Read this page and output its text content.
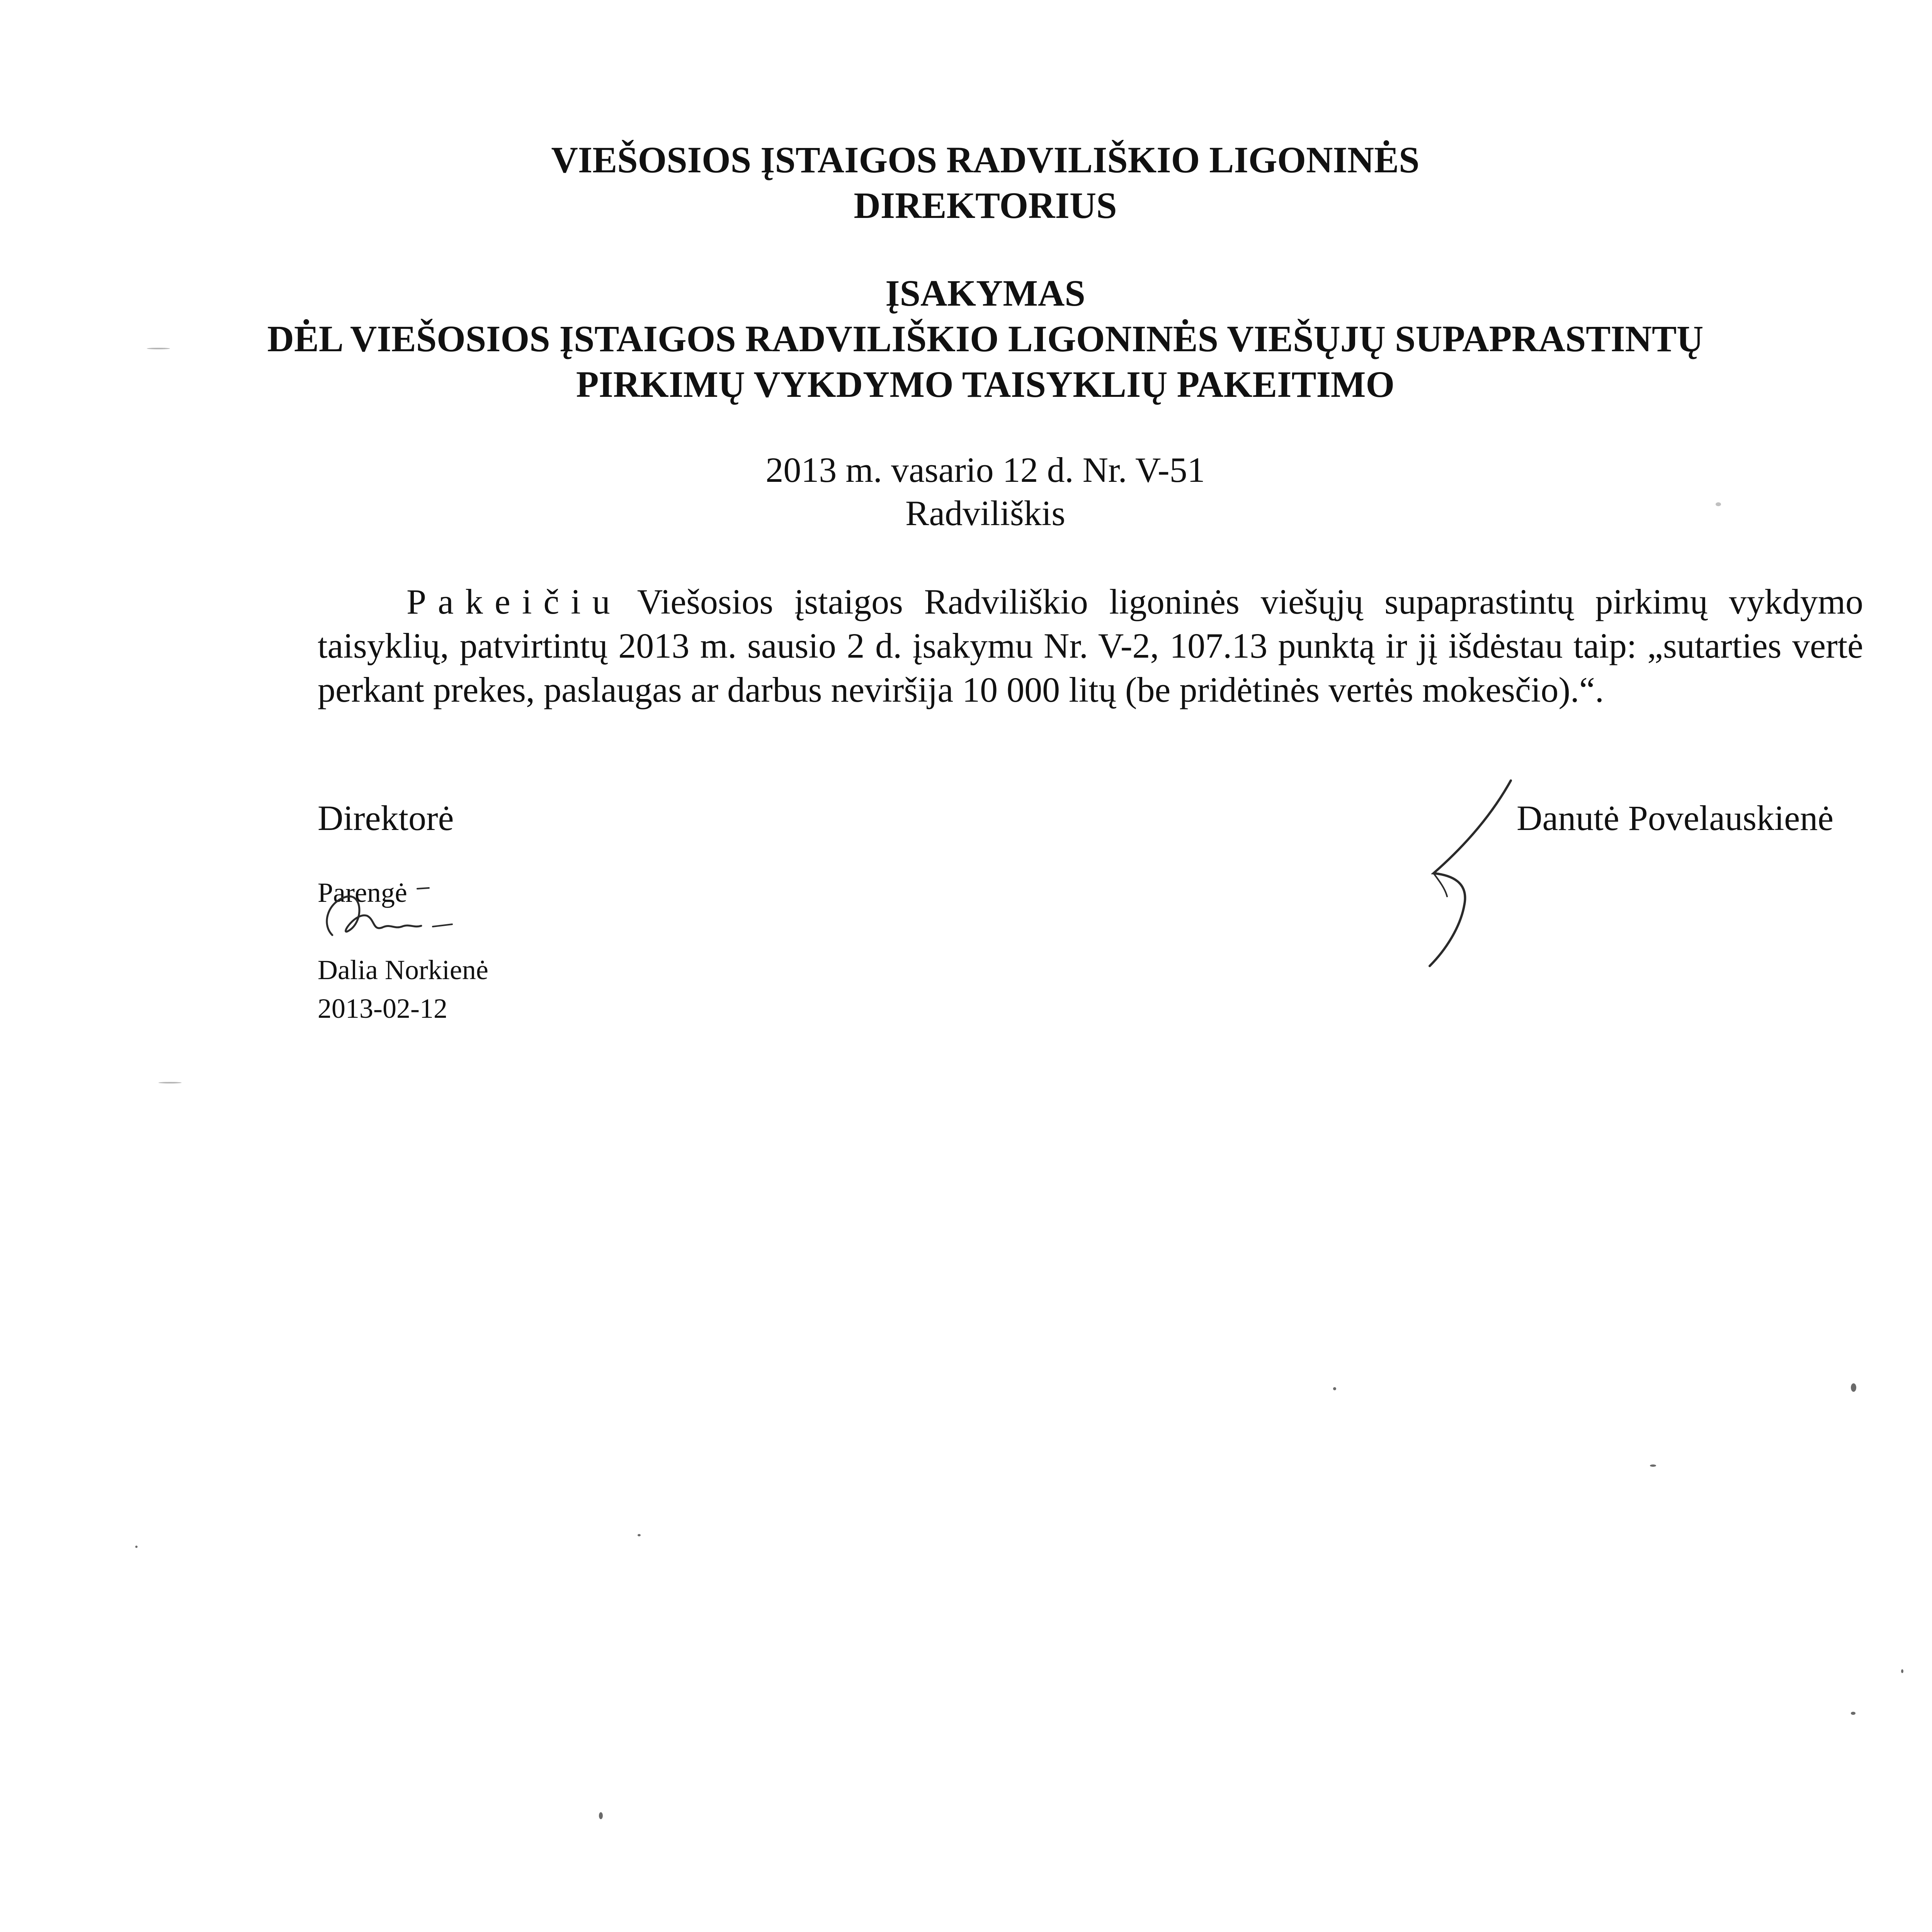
VIEŠOSIOS ĮSTAIGOS RADVILIŠKIO LIGONINĖS
DIREKTORIUS
ĮSAKYMAS
DĖL VIEŠOSIOS ĮSTAIGOS RADVILIŠKIO LIGONINĖS VIEŠŲJŲ SUPAPRASTINTŲ
PIRKIMŲ VYKDYMO TAISYKLIŲ PAKEITIMO
2013 m. vasario 12 d. Nr. V-51
Radviliškis

Pakeičiu Viešosios įstaigos Radviliškio ligoninės viešųjų supaprastintų pirkimų vykdymo taisyklių, patvirtintų 2013 m. sausio 2 d. įsakymu Nr. V-2, 107.13 punktą ir jį išdėstau taip: „sutarties vertė perkant prekes, paslaugas ar darbus neviršija 10 000 litų (be pridėtinės vertės mokesčio).“.

Direktorė	Danutė Povelauskienė
Parengė
Dalia Norkienė
2013-02-12
